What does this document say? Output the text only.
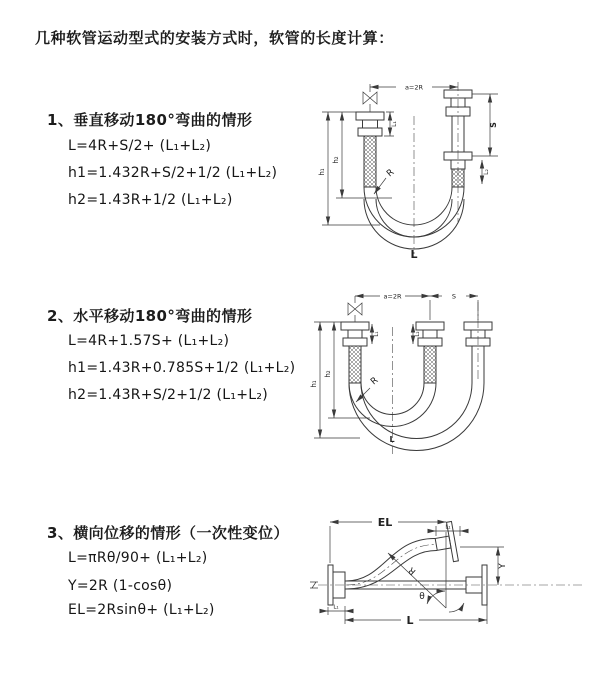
几种软管运动型式的安装方式时，软管的长度计算：
1、垂直移动180°弯曲的情形
L=4R+S/2+ (L₁+L₂)
h1=1.432R+S/2+1/2 (L₁+L₂)
h2=1.43R+1/2 (L₁+L₂)
2、水平移动180°弯曲的情形
L=4R+1.57S+ (L₁+L₂)
h1=1.43R+0.785S+1/2 (L₁+L₂)
h2=1.43R+S/2+1/2 (L₁+L₂)
3、横向位移的情形（一次性变位）
L=πRθ/90+ (L₁+L₂)
Y=2R (1-cosθ)
EL=2Rsinθ+ (L₁+L₂)
a=2R
S
L₂
L₁
h₁
h₂
R
L
a=2R	S
h₁
h₂
L₁	L₂
R
L
R
θ
EL	L₁
Y
L
L₁
